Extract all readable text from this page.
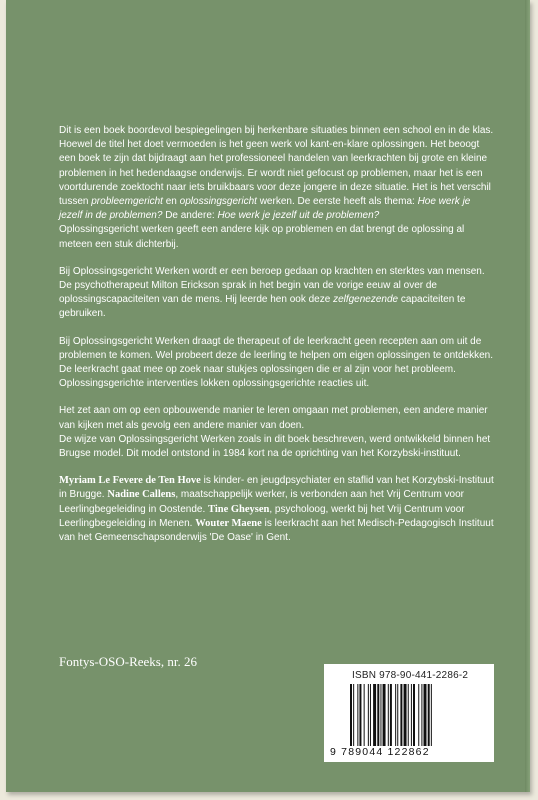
Dit is een boek boordevol bespiegelingen bij herkenbare situaties binnen een school en in de klas. Hoewel de titel het doet vermoeden is het geen werk vol kant-en-klare oplossingen. Het beoogt een boek te zijn dat bijdraagt aan het professioneel handelen van leerkrachten bij grote en kleine problemen in het hedendaagse onderwijs. Er wordt niet gefocust op problemen, maar het is een voortdurende zoektocht naar iets bruikbaars voor deze jongere in deze situatie. Het is het verschil tussen probleemgericht en oplossingsgericht werken. De eerste heeft als thema: Hoe werk je jezelf in de problemen? De andere: Hoe werk je jezelf uit de problemen?

Oplossingsgericht werken geeft een andere kijk op problemen en dat brengt de oplossing al meteen een stuk dichterbij.

Bij Oplossingsgericht Werken wordt er een beroep gedaan op krachten en sterktes van mensen. De psychotherapeut Milton Erickson sprak in het begin van de vorige eeuw al over de oplossingscapaciteiten van de mens. Hij leerde hen ook deze zelfgenezende capaciteiten te gebruiken.

Bij Oplossingsgericht Werken draagt de therapeut of de leerkracht geen recepten aan om uit de problemen te komen. Wel probeert deze de leerling te helpen om eigen oplossingen te ontdekken. De leerkracht gaat mee op zoek naar stukjes oplossingen die er al zijn voor het probleem. Oplossingsgerichte interventies lokken oplossingsgerichte reacties uit.

Het zet aan om op een opbouwende manier te leren omgaan met problemen, een andere manier van kijken met als gevolg een andere manier van doen.

De wijze van Oplossingsgericht Werken zoals in dit boek beschreven, werd ontwikkeld binnen het Brugse model. Dit model ontstond in 1984 kort na de oprichting van het Korzybski-instituut.

Myriam Le Fevere de Ten Hove is kinder- en jeugdpsychiater en staflid van het Korzybski-Instituut in Brugge. Nadine Callens, maatschappelijk werker, is verbonden aan het Vrij Centrum voor Leerlingbegeleiding in Oostende. Tine Gheysen, psycholoog, werkt bij het Vrij Centrum voor Leerlingbegeleiding in Menen. Wouter Maene is leerkracht aan het Medisch-Pedagogisch Instituut van het Gemeenschapsonderwijs 'De Oase' in Gent.

Fontys-OSO-Reeks, nr. 26
ISBN 978-90-441-2286-2
9 789044 122862
